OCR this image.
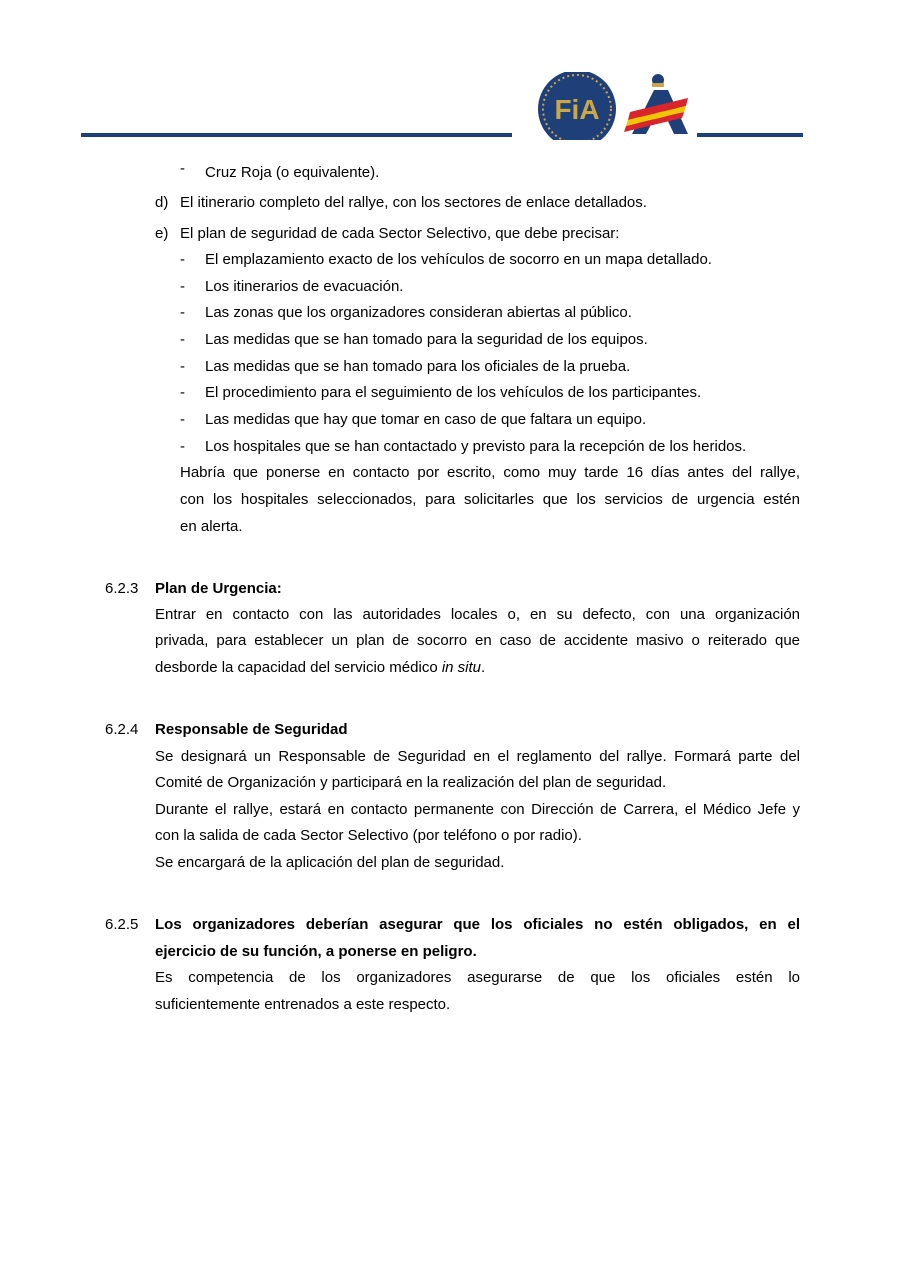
FiA
A
- Cruz Roja (o equivalente).
d) El itinerario completo del rallye, con los sectores de enlace detallados.
e) El plan de seguridad de cada Sector Selectivo, que debe precisar:
- El emplazamiento exacto de los vehículos de socorro en un mapa detallado.
- Los itinerarios de evacuación.
- Las zonas que los organizadores consideran abiertas al público.
- Las medidas que se han tomado para la seguridad de los equipos.
- Las medidas que se han tomado para los oficiales de la prueba.
- El procedimiento para el seguimiento de los vehículos de los participantes.
- Las medidas que hay que tomar en caso de que faltara un equipo.
- Los hospitales que se han contactado y previsto para la recepción de los heridos.
Habría que ponerse en contacto por escrito, como muy tarde 16 días antes del rallye,
con los hospitales seleccionados, para solicitarles que los servicios de urgencia estén
en alerta.
6.2.3 Plan de Urgencia:
Entrar en contacto con las autoridades locales o, en su defecto, con una organización
privada, para establecer un plan de socorro en caso de accidente masivo o reiterado que
desborde la capacidad del servicio médico in situ.
6.2.4 Responsable de Seguridad
Se designará un Responsable de Seguridad en el reglamento del rallye. Formará parte del
Comité de Organización y participará en la realización del plan de seguridad.
Durante el rallye, estará en contacto permanente con Dirección de Carrera, el Médico Jefe y
con la salida de cada Sector Selectivo (por teléfono o por radio).
Se encargará de la aplicación del plan de seguridad.
6.2.5 Los organizadores deberían asegurar que los oficiales no estén obligados, en el
ejercicio de su función, a ponerse en peligro.
Es competencia de los organizadores asegurarse de que los oficiales estén lo
suficientemente entrenados a este respecto.
